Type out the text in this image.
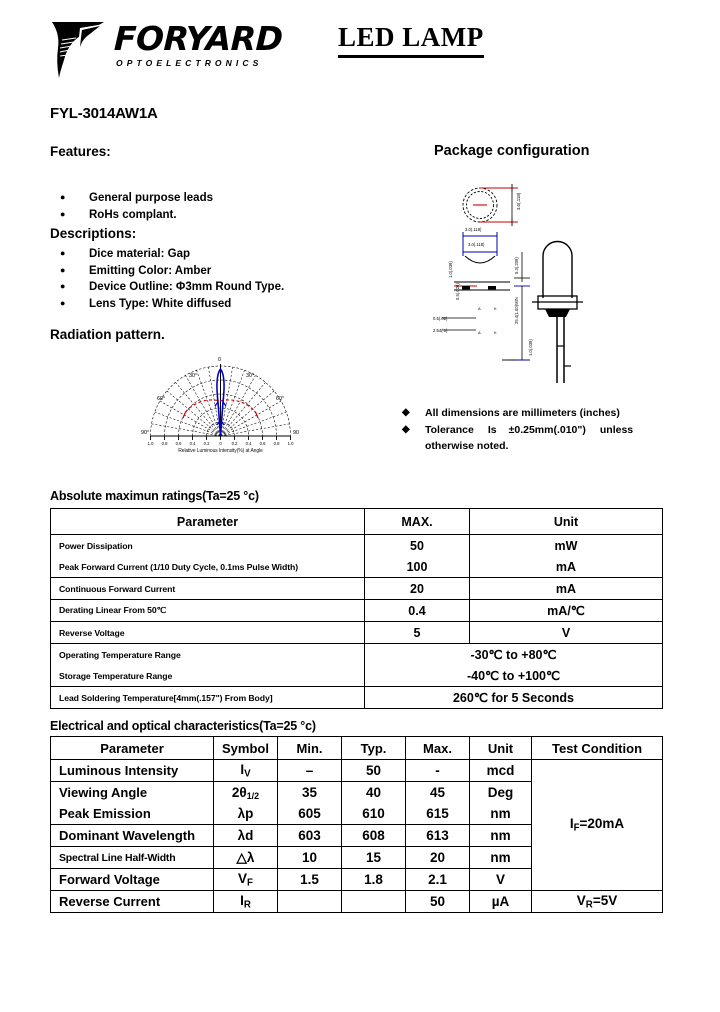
FORYARD
OPTOELECTRONICS
LED LAMP
FYL-3014AW1A
Features:
● General purpose leads
● RoHs complant.
Descriptions:
● Dice material: Gap
● Emitting Color: Amber
● Device Outline: Φ3mm Round Type.
● Lens Type: White diffused
Radiation pattern.
0
30°	30°
60°	60°
90°	90
1.0 0.8 0.6 0.4 0.2 0 0.2 0.4 0.6 0.8 1.0
Relative Luminous Intensity(%) at Angle
Package configuration
3.0(.118)
3.0(.118)
3.0(.118)
1.0(.039)
0.5(.020)
5.3(.209)
25.4(1.00)MIN
1.0(.039)
0.5(.02)
2.54(.1)
A	K
A	K
◆ All dimensions are millimeters (inches)
◆ Tolerance Is ±0.25mm(.010") unless
otherwise noted.
Absolute maximun ratings(Ta=25 °c)
Parameter	MAX.	Unit
Power Dissipation	50	mW
Peak Forward Current (1/10 Duty Cycle, 0.1ms Pulse Width)	100	mA
Continuous Forward Current	20	mA
Derating Linear From 50℃	0.4	mA/℃
Reverse Voltage	5	V
Operating Temperature Range	-30℃ to +80℃	
Storage Temperature Range	-40℃ to +100℃	
Lead Soldering Temperature[4mm(.157") From Body]	260℃ for 5 Seconds	
Electrical and optical characteristics(Ta=25 °c)
Parameter	Symbol	Min.	Typ.	Max.	Unit	Test Condition
Luminous Intensity	$I_V$	–	50	-	mcd	$I_F=20mA$
Viewing Angle	2θ1/2	35	40	45	Deg	
Peak Emission	λp	605	610	615	nm	
Dominant Wavelength	λd	603	608	613	nm	
Spectral Line Half-Width	△λ	10	15	20	nm	
Forward Voltage	$V_F$	1.5	1.8	2.1	V	
Reverse Current	$I_R$			50	µA	$V_R=5V$
